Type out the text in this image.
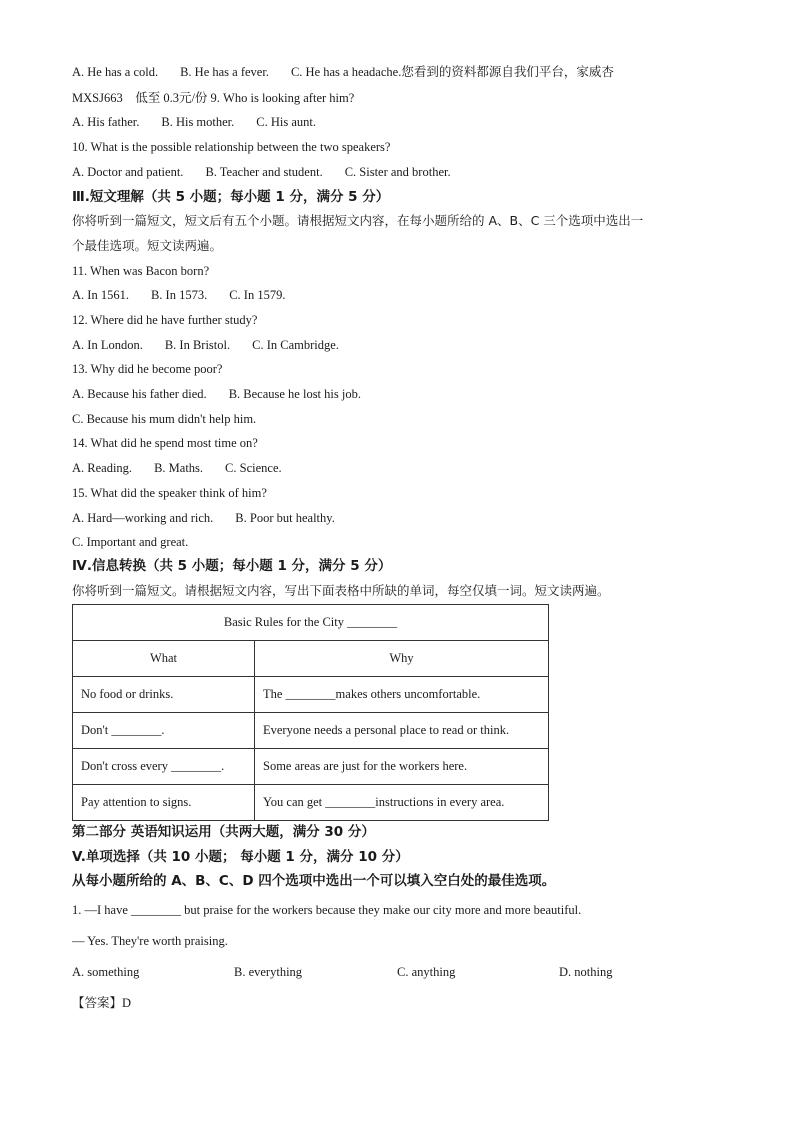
A. He has a cold. B. He has a fever. C. He has a headache.您看到的资料都源自我们平台，家威杏
MXSJ663　低至 0.3元/份 9. Who is looking after him?
A. His father. B. His mother. C. His aunt.
10. What is the possible relationship between the two speakers?
A. Doctor and patient. B. Teacher and student. C. Sister and brother.
Ⅲ.短文理解（共 5 小题；每小题 1 分，满分 5 分）
你将听到一篇短文，短文后有五个小题。请根据短文内容，在每小题所给的 A、B、C 三个选项中选出一
个最佳选项。短文读两遍。
11. When was Bacon born?
A. In 1561. B. In 1573. C. In 1579.
12. Where did he have further study?
A. In London. B. In Bristol. C. In Cambridge.
13. Why did he become poor?
A. Because his father died. B. Because he lost his job.
C. Because his mum didn't help him.
14. What did he spend most time on?
A. Reading. B. Maths. C. Science.
15. What did the speaker think of him?
A. Hard—working and rich. B. Poor but healthy.
C. Important and great.
Ⅳ.信息转换（共 5 小题；每小题 1 分，满分 5 分）
你将听到一篇短文。请根据短文内容，写出下面表格中所缺的单词，每空仅填一词。短文读两遍。
Basic Rules for the City ________	
What	Why
No food or drinks.	The ________makes others uncomfortable.
Don't ________.	Everyone needs a personal place to read or think.
Don't cross every ________.	Some areas are just for the workers here.
Pay attention to signs.	You can get ________instructions in every area.
第二部分 英语知识运用（共两大题，满分 30 分）
V.单项选择（共 10 小题； 每小题 1 分，满分 10 分）
从每小题所给的 A、B、C、D 四个选项中选出一个可以填入空白处的最佳选项。
1. —I have ________ but praise for the workers because they make our city more and more beautiful.
— Yes. They're worth praising.
A. something	B. everything	C. anything	D. nothing
【答案】D
